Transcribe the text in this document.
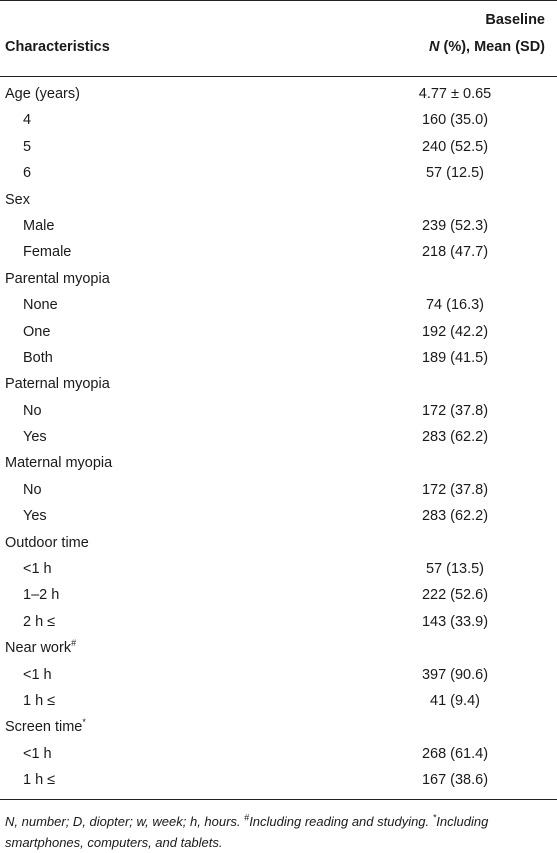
Baseline
Characteristics	N (%), Mean (SD)
Age (years)	4.77 ± 0.65
4	160 (35.0)
5	240 (52.5)
6	57 (12.5)
Sex
Male	239 (52.3)
Female	218 (47.7)
Parental myopia
None	74 (16.3)
One	192 (42.2)
Both	189 (41.5)
Paternal myopia
No	172 (37.8)
Yes	283 (62.2)
Maternal myopia
No	172 (37.8)
Yes	283 (62.2)
Outdoor time
<1 h	57 (13.5)
1–2 h	222 (52.6)
2 h ≤	143 (33.9)
Near work#
<1 h	397 (90.6)
1 h ≤	41 (9.4)
Screen time*
<1 h	268 (61.4)
1 h ≤	167 (38.6)
N, number; D, diopter; w, week; h, hours. #Including reading and studying. *Including smartphones, computers, and tablets.
